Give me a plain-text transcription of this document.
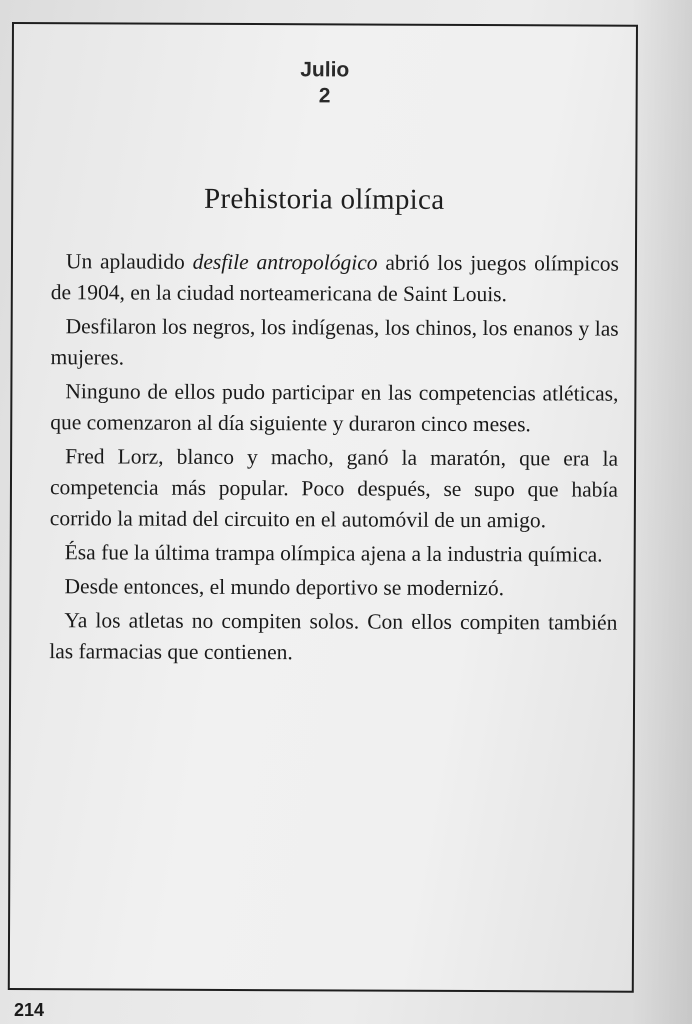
Julio
2
Prehistoria olímpica

Un aplaudido desfile antropológico abrió los juegos olímpicos de 1904, en la ciudad norteamericana de Saint Louis.

Desfilaron los negros, los indígenas, los chinos, los enanos y las mujeres.

Ninguno de ellos pudo participar en las competencias atléticas, que comenzaron al día siguiente y duraron cinco meses.

Fred Lorz, blanco y macho, ganó la maratón, que era la competencia más popular. Poco después, se supo que había corrido la mitad del circuito en el automóvil de un amigo.

Ésa fue la última trampa olímpica ajena a la industria química.

Desde entonces, el mundo deportivo se modernizó.

Ya los atletas no compiten solos. Con ellos compiten también las farmacias que contienen.

214
